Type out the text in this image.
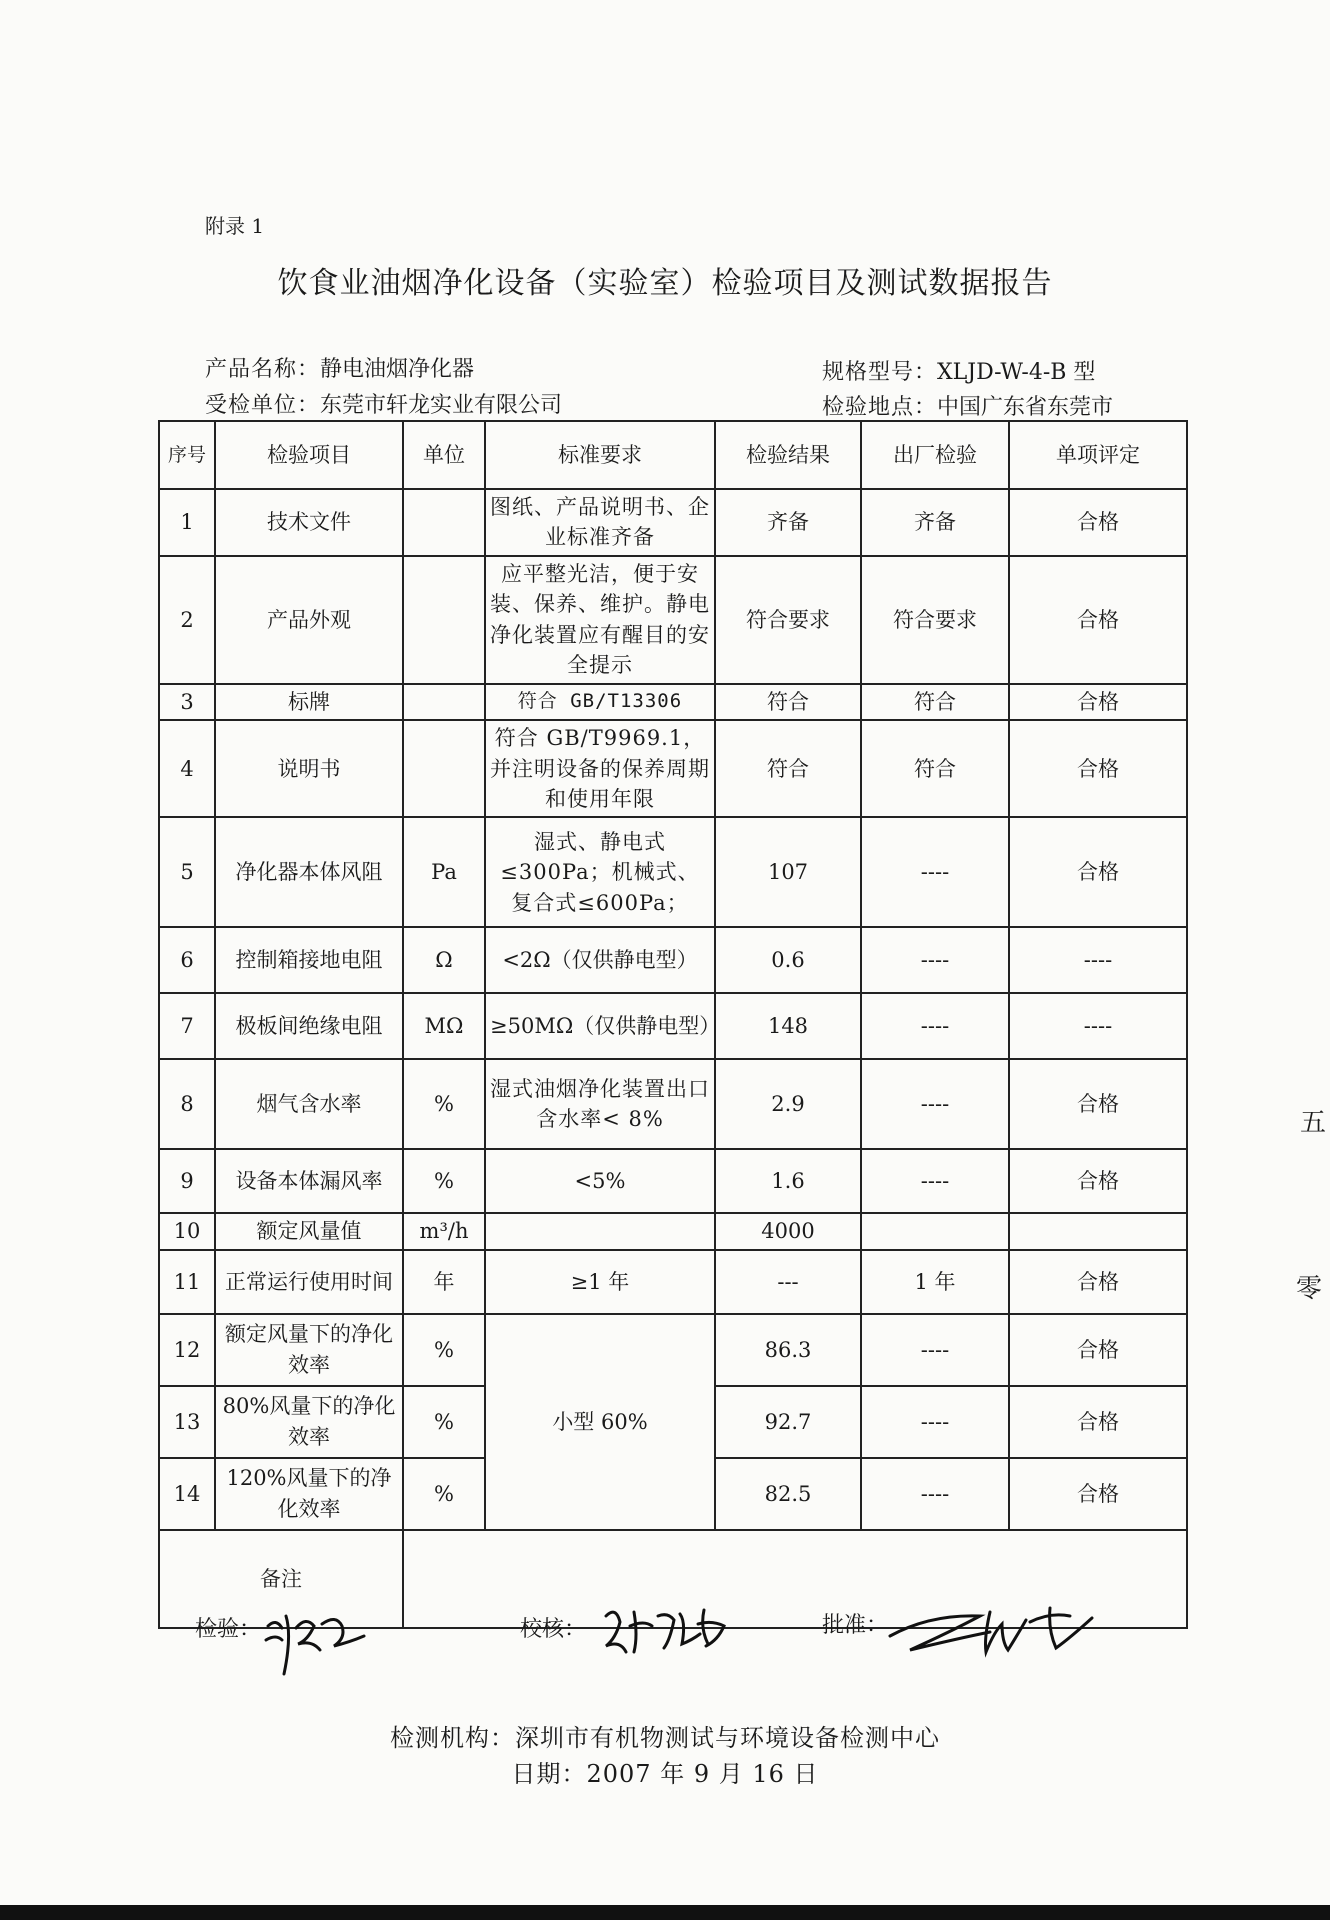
附录 1
饮食业油烟净化设备（实验室）检验项目及测试数据报告
产品名称：静电油烟净化器	规格型号：XLJD-W-4-B 型
受检单位：东莞市轩龙实业有限公司	检验地点：中国广东省东莞市
序号	检验项目	单位	标准要求	检验结果	出厂检验	单项评定
1	技术文件		图纸、产品说明书、企业标准齐备	齐备	齐备	合格
2	产品外观		应平整光洁，便于安装、保养、维护。静电净化装置应有醒目的安全提示	符合要求	符合要求	合格
3	标牌		符合 GB/T13306	符合	符合	合格
4	说明书		符合 GB/T9969.1，并注明设备的保养周期和使用年限	符合	符合	合格
5	净化器本体风阻	Pa	湿式、静电式≤300Pa；机械式、复合式≤600Pa；	107	----	合格
6	控制箱接地电阻	Ω	<2Ω（仅供静电型）	0.6	----	----
7	极板间绝缘电阻	MΩ	≥50MΩ（仅供静电型）	148	----	----
8	烟气含水率	%	湿式油烟净化装置出口含水率< 8%	2.9	----	合格
9	设备本体漏风率	%	<5%	1.6	----	合格
10	额定风量值	m³/h		4000		
11	正常运行使用时间	年	≥1 年	---	1 年	合格
12	额定风量下的净化效率	%	小型 60%	86.3	----	合格
13	80%风量下的净化效率	%		92.7	----	合格
14	120%风量下的净化效率	%		82.5	----	合格
备注						
检验：	校核：	批准：
检测机构：深圳市有机物测试与环境设备检测中心
日期：2007 年 9 月 16 日
五
零
